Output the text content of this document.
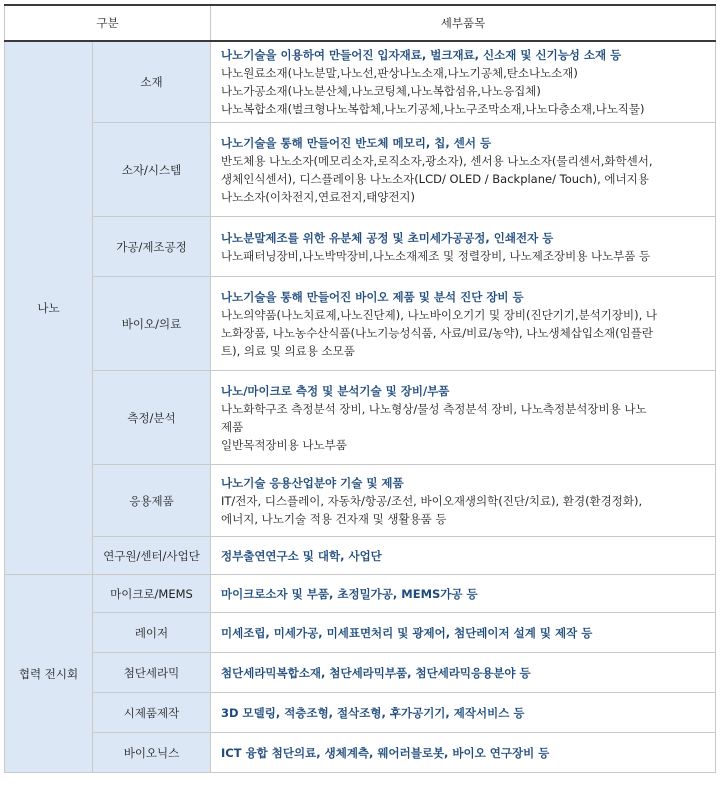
구분		세부품목
나노	소재	나노기술을 이용하여 만들어진 입자재료, 벌크재료, 신소재 및 신기능성 소재 등
나노원료소재(나노분말,나노선,판상나노소재,나노기공체,탄소나노소재)
나노가공소재(나노분산체,나노코팅체,나노복합섬유,나노응집체)
나노복합소재(벌크형나노복합체,나노기공체,나노구조막소재,나노다층소재,나노직물)

	소자/시스템	나노기술을 통해 만들어진 반도체 메모리, 칩, 센서 등
반도체용 나노소자(메모리소자,로직소자,광소자), 센서용 나노소자(물리센서,화학센서,
생체인식센서), 디스플레이용 나노소자(LCD/ OLED / Backplane/ Touch), 에너지용
나노소자(이차전지,연료전지,태양전지)

	가공/제조공정	나노분말제조를 위한 유분체 공정 및 초미세가공공정, 인쇄전자 등
나노패터닝장비,나노박막장비,나노소재제조 및 정렬장비, 나노제조장비용 나노부품 등

	바이오/의료	나노기술을 통해 만들어진 바이오 제품 및 분석 진단 장비 등
나노의약품(나노치료제,나노진단제), 나노바이오기기 및 장비(진단기기,분석기장비), 나
노화장품, 나노농수산식품(나노기능성식품, 사료/비료/농약), 나노생체삽입소재(임플란
트), 의료 및 의료용 소모품

	측정/분석	나노/마이크로 측정 및 분석기술 및 장비/부품
나노화학구조 측정분석 장비, 나노형상/물성 측정분석 장비, 나노측정분석장비용 나노
제품
일반목적장비용 나노부품

	응용제품	나노기술 응용산업분야 기술 및 제품
IT/전자, 디스플레이, 자동차/항공/조선, 바이오재생의학(진단/치료), 환경(환경정화),
에너지, 나노기술 적용 건자재 및 생활용품 등

	연구원/센터/사업단	정부출연연구소 및 대학, 사업단

협력 전시회	마이크로/MEMS	마이크로소자 및 부품, 초정밀가공, MEMS가공 등

	레이저	미세조립, 미세가공, 미세표면처리 및 광제어, 첨단레이저 설계 및 제작 등

	첨단세라믹	첨단세라믹복합소재, 첨단세라믹부품, 첨단세라믹응용분야 등

	시제품제작	3D 모델링, 적층조형, 절삭조형, 후가공기기, 제작서비스 등

	바이오닉스	ICT 융합 첨단의료, 생체계측, 웨어러블로봇, 바이오 연구장비 등
